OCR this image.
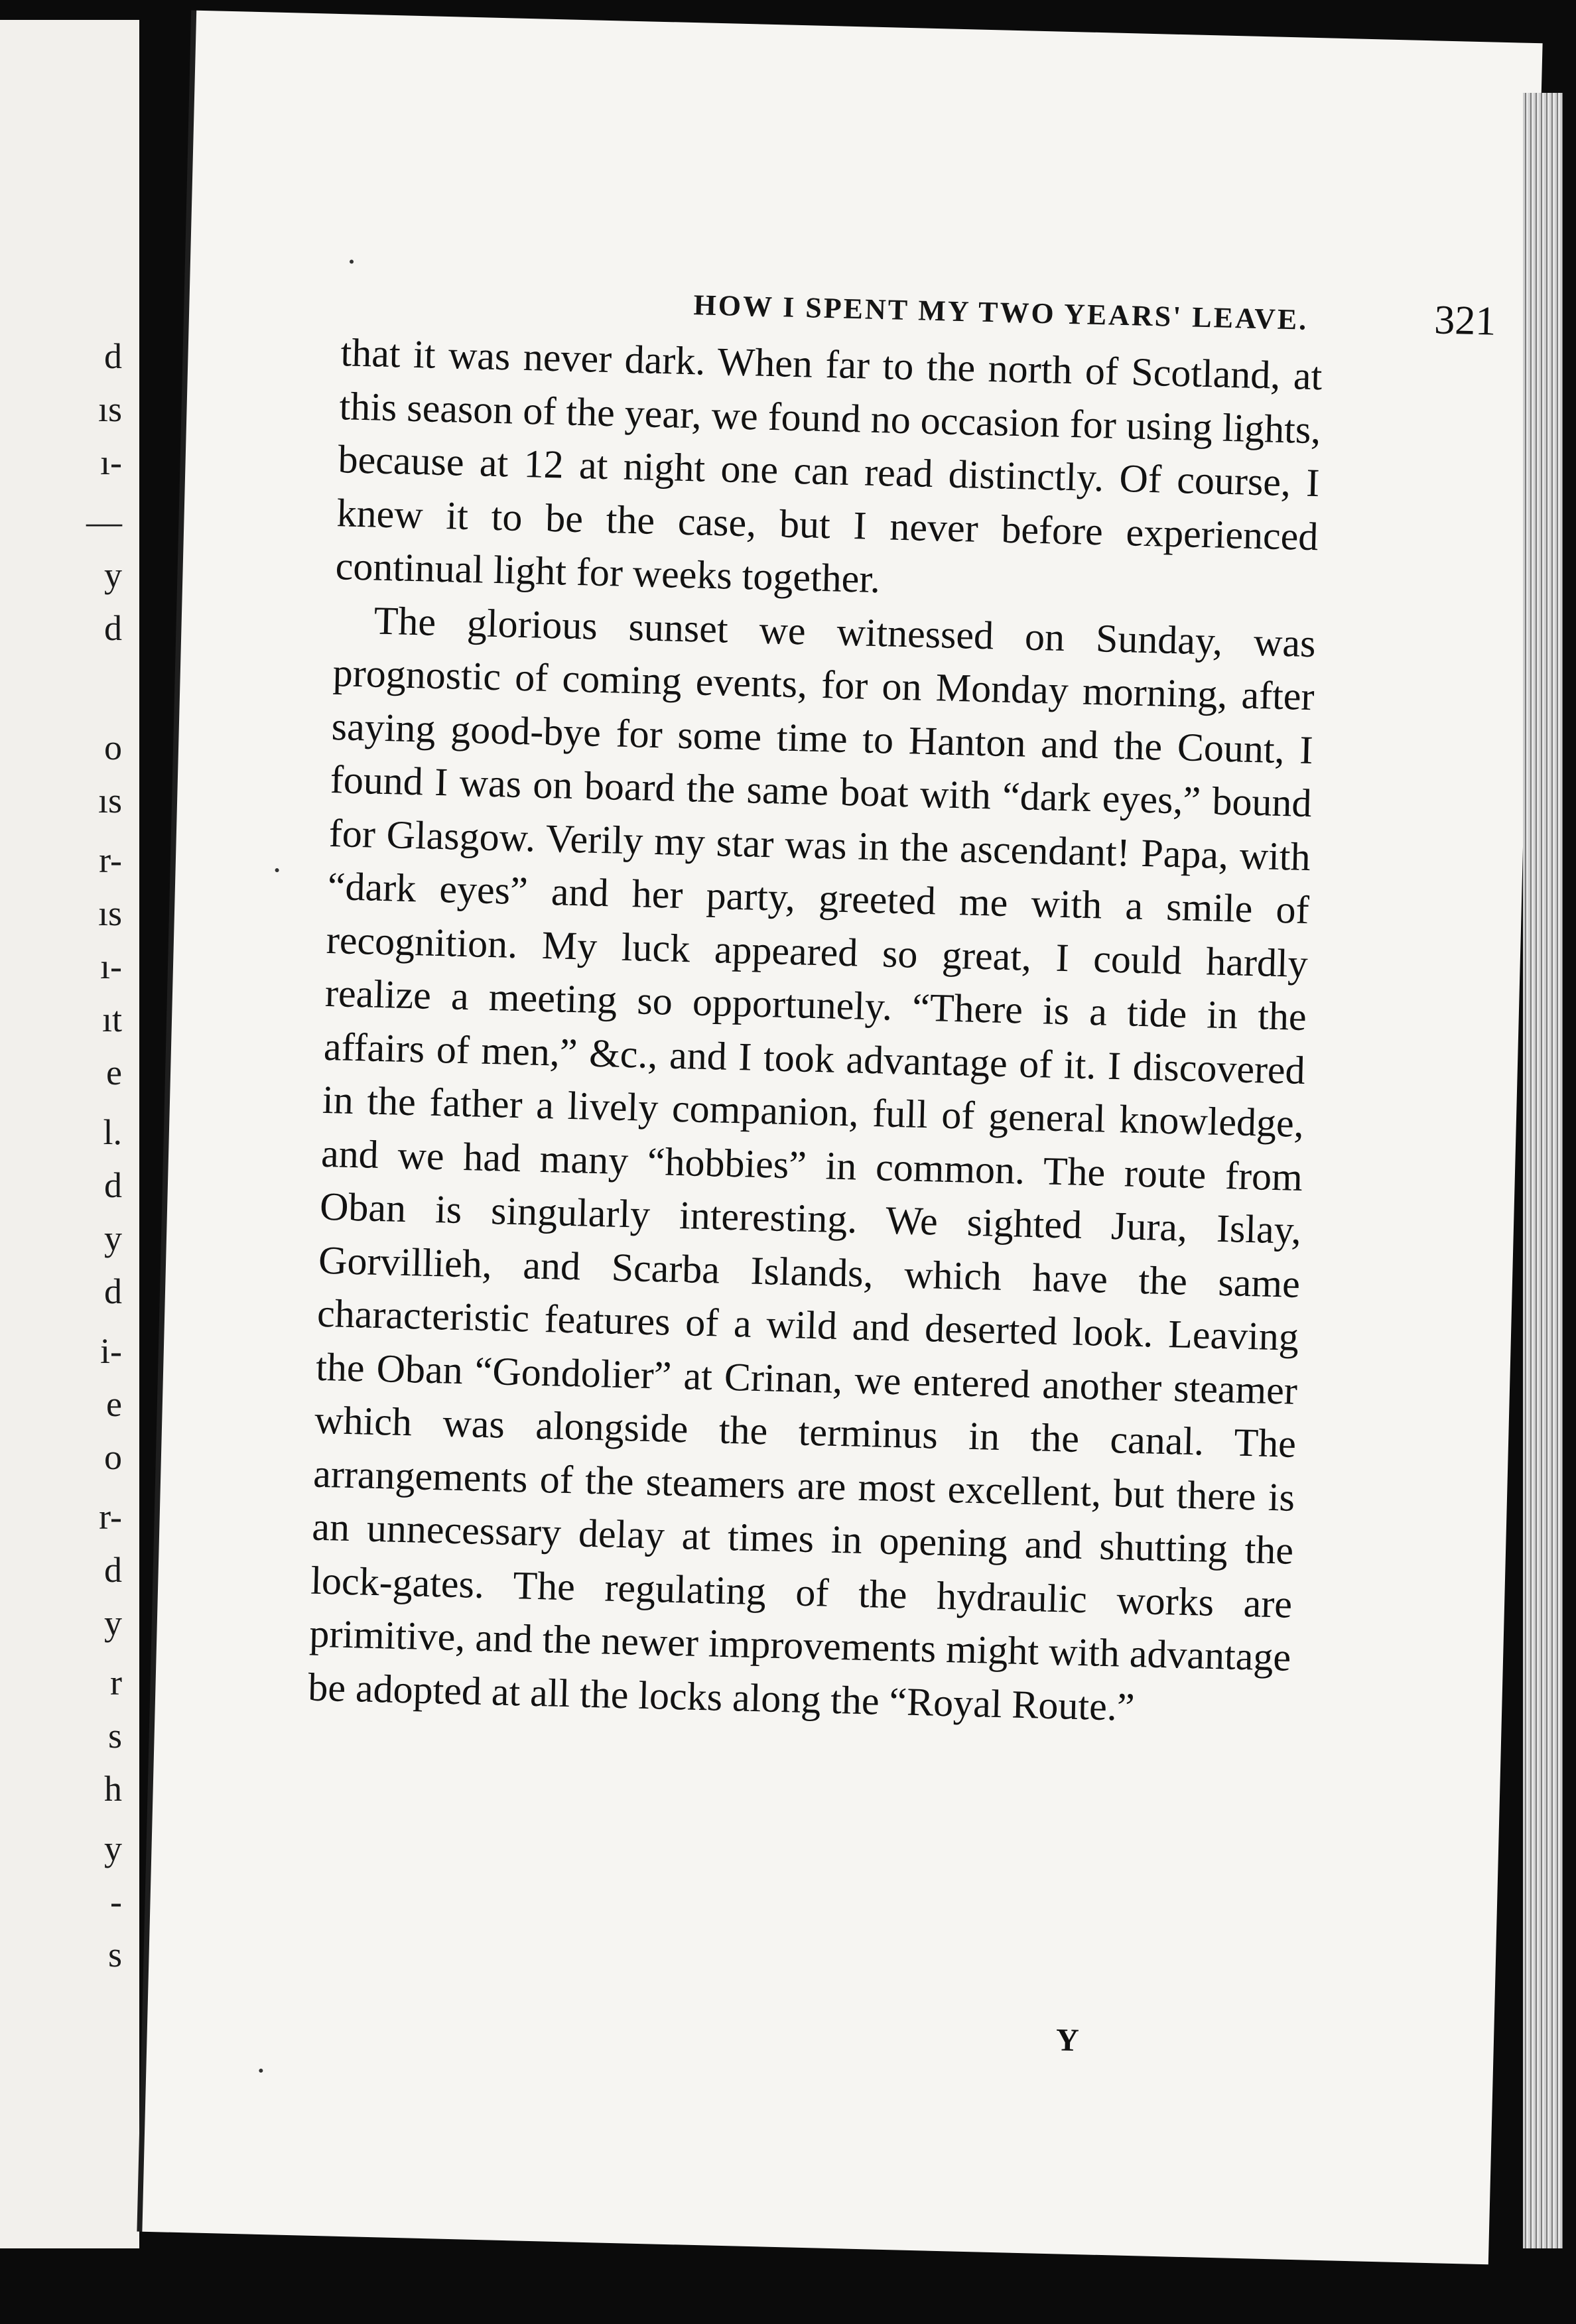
d
ıs
ı-
—
y
d
o
ıs
r-
ıs
ı-
ıt
e
l.
d
y
d
i-
e
o
r-
d
y
r
s
h
y
-
s
HOW I SPENT MY TWO YEARS' LEAVE.	321

that it was never dark. When far to the north of Scotland, at this season of the year, we found no occasion for using lights, because at 12 at night one can read distinctly. Of course, I knew it to be the case, but I never before experienced continual light for weeks together.

The glorious sunset we witnessed on Sunday, was prognostic of coming events, for on Monday morning, after saying good-bye for some time to Hanton and the Count, I found I was on board the same boat with “dark eyes,” bound for Glasgow. Verily my star was in the ascendant! Papa, with “dark eyes” and her party, greeted me with a smile of recognition. My luck appeared so great, I could hardly realize a meeting so opportunely. “There is a tide in the affairs of men,” &c., and I took advantage of it. I discovered in the father a lively companion, full of general knowledge, and we had many “hobbies” in common. The route from Oban is singularly interesting. We sighted Jura, Islay, Gorvillieh, and Scarba Islands, which have the same characteristic features of a wild and deserted look. Leaving the Oban “Gondolier” at Crinan, we entered another steamer which was alongside the terminus in the canal. The arrangements of the steamers are most excellent, but there is an unnecessary delay at times in opening and shutting the lock-gates. The regulating of the hydraulic works are primitive, and the newer improvements might with advantage be adopted at all the locks along the “Royal Route.”

Y
